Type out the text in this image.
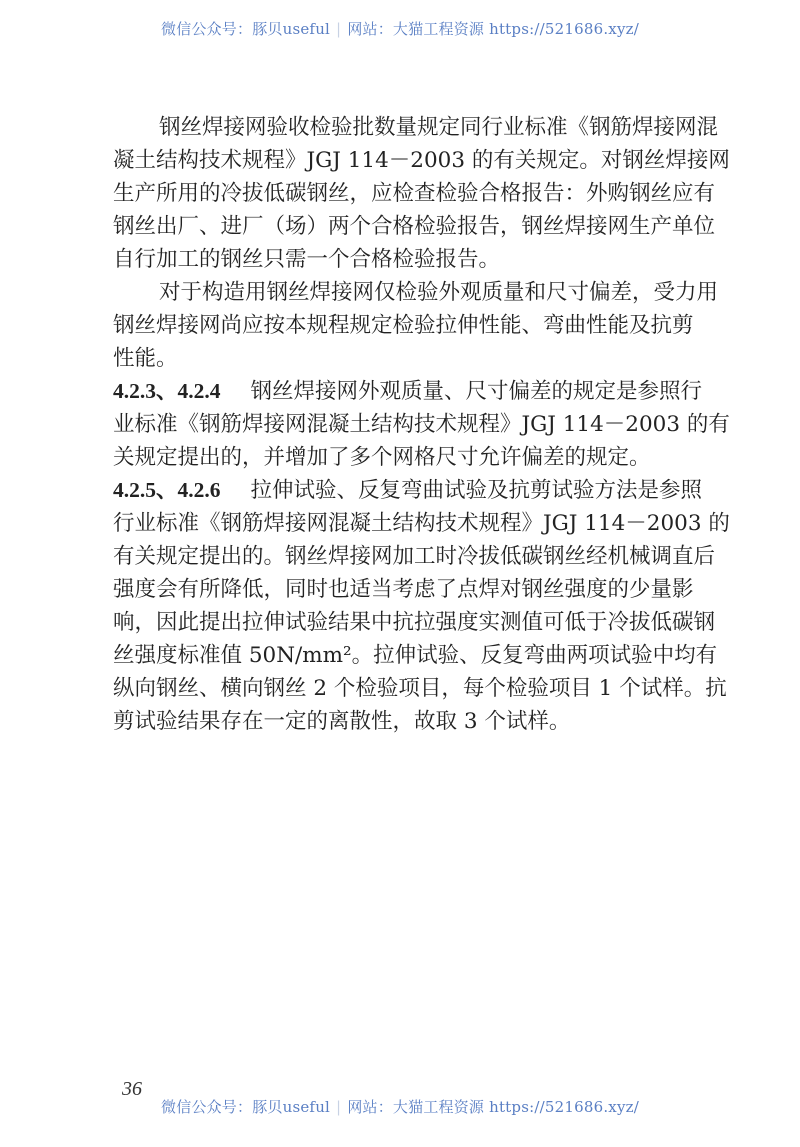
微信公众号：豚贝useful | 网站：大猫工程资源 https://521686.xyz/
钢丝焊接网验收检验批数量规定同行业标准《钢筋焊接网混
凝土结构技术规程》JGJ 114－2003 的有关规定。对钢丝焊接网
生产所用的冷拔低碳钢丝，应检查检验合格报告：外购钢丝应有
钢丝出厂、进厂（场）两个合格检验报告，钢丝焊接网生产单位
自行加工的钢丝只需一个合格检验报告。
对于构造用钢丝焊接网仅检验外观质量和尺寸偏差，受力用
钢丝焊接网尚应按本规程规定检验拉伸性能、弯曲性能及抗剪
性能。
4.2.3、4.2.4 钢丝焊接网外观质量、尺寸偏差的规定是参照行
业标准《钢筋焊接网混凝土结构技术规程》JGJ 114－2003 的有
关规定提出的，并增加了多个网格尺寸允许偏差的规定。
4.2.5、4.2.6 拉伸试验、反复弯曲试验及抗剪试验方法是参照
行业标准《钢筋焊接网混凝土结构技术规程》JGJ 114－2003 的
有关规定提出的。钢丝焊接网加工时冷拔低碳钢丝经机械调直后
强度会有所降低，同时也适当考虑了点焊对钢丝强度的少量影
响，因此提出拉伸试验结果中抗拉强度实测值可低于冷拔低碳钢
丝强度标准值 50N/mm²。拉伸试验、反复弯曲两项试验中均有
纵向钢丝、横向钢丝 2 个检验项目，每个检验项目 1 个试样。抗
剪试验结果存在一定的离散性，故取 3 个试样。
36
微信公众号：豚贝useful | 网站：大猫工程资源 https://521686.xyz/
